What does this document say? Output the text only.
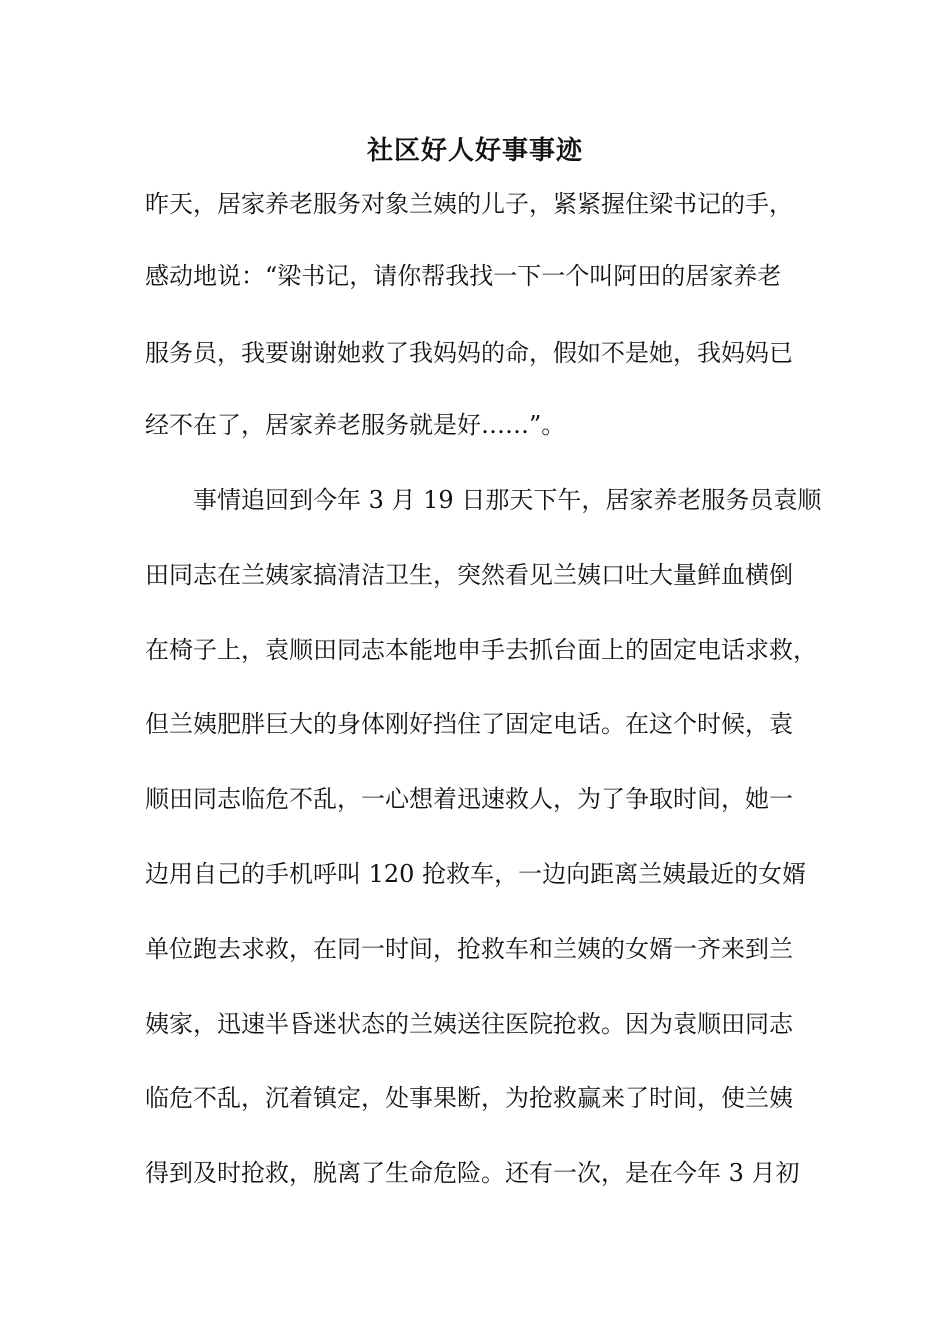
社区好人好事事迹

昨天，居家养老服务对象兰姨的儿子，紧紧握住梁书记的手，

感动地说：“梁书记，请你帮我找一下一个叫阿田的居家养老

服务员，我要谢谢她救了我妈妈的命，假如不是她，我妈妈已

经不在了，居家养老服务就是好……”。

　　事情追回到今年 3 月 19 日那天下午，居家养老服务员袁顺

田同志在兰姨家搞清洁卫生，突然看见兰姨口吐大量鲜血横倒

在椅子上，袁顺田同志本能地申手去抓台面上的固定电话求救，

但兰姨肥胖巨大的身体刚好挡住了固定电话。在这个时候，袁

顺田同志临危不乱，一心想着迅速救人，为了争取时间，她一

边用自己的手机呼叫 120 抢救车，一边向距离兰姨最近的女婿

单位跑去求救，在同一时间，抢救车和兰姨的女婿一齐来到兰

姨家，迅速半昏迷状态的兰姨送往医院抢救。因为袁顺田同志

临危不乱，沉着镇定，处事果断，为抢救赢来了时间，使兰姨

得到及时抢救，脱离了生命危险。还有一次，是在今年 3 月初
